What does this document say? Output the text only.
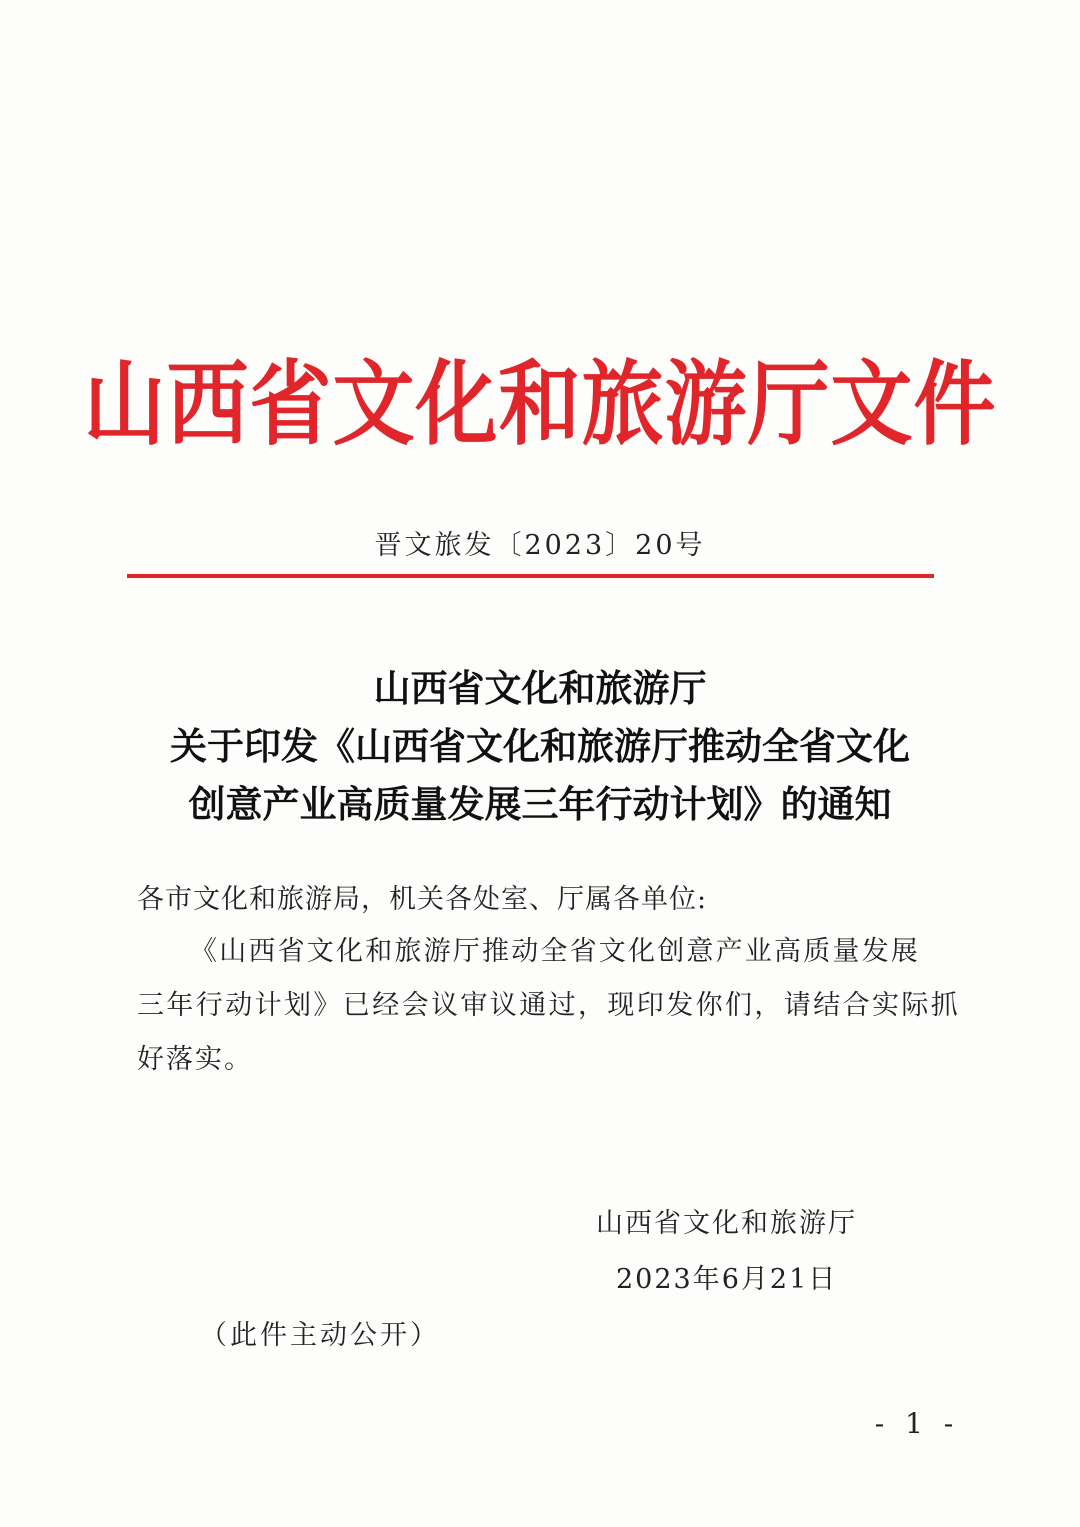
山西省文化和旅游厅文件
晋文旅发〔2023〕20号
山西省文化和旅游厅
关于印发《山西省文化和旅游厅推动全省文化
创意产业高质量发展三年行动计划》的通知
各市文化和旅游局，机关各处室、厅属各单位:
《山西省文化和旅游厅推动全省文化创意产业高质量发展
三年行动计划》已经会议审议通过，现印发你们，请结合实际抓
好落实。
山西省文化和旅游厅
2023年6月21日
（此件主动公开）
- 1 -
